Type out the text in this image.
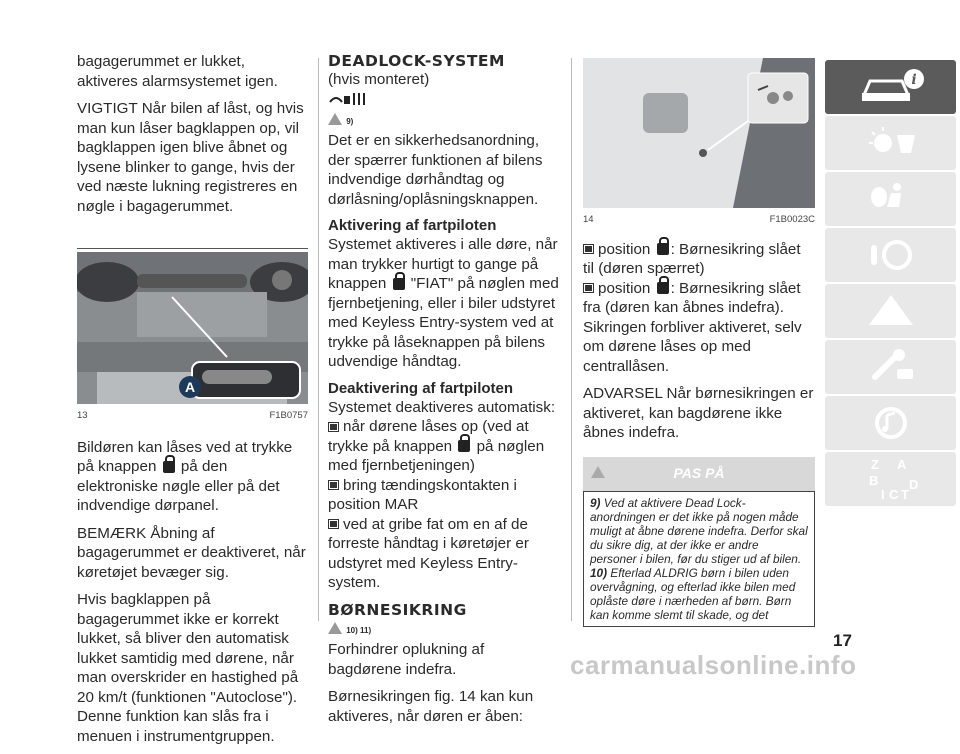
bagagerummet er lukket, aktiveres alarmsystemet igen.

VIGTIGT Når bilen af låst, og hvis man kun låser bagklappen op, vil bagklappen igen blive åbnet og lysene blinker to gange, hvis der ved næste lukning registreres en nøgle i bagagerummet.

A
13	F1B0757

Bildøren kan låses ved at trykke på knappen på den elektroniske nøgle eller på det indvendige dørpanel.

BEMÆRK Åbning af bagagerummet er deaktiveret, når køretøjet bevæger sig.

Hvis bagklappen på bagagerummet ikke er korrekt lukket, så bliver den automatisk lukket samtidig med dørene, når man overskrider en hastighed på 20 km/t (funktionen "Autoclose"). Denne funktion kan slås fra i menuen i instrumentgruppen.

DEADLOCK-SYSTEM
(hvis monteret)
9)

Det er en sikkerhedsanordning, der spærrer funktionen af bilens indvendige dørhåndtag og dørlåsning/oplåsningsknappen.

Aktivering af fartpiloten

Systemet aktiveres i alle døre, når man trykker hurtigt to gange på knappen "FIAT" på nøglen med fjernbetjening, eller i biler udstyret med Keyless Entry-system ved at trykke på låseknappen på bilens udvendige håndtag.

Deaktivering af fartpiloten
Systemet deaktiveres automatisk:
når dørene låses op (ved at trykke på knappen på nøglen med fjernbetjeningen)
bring tændingskontakten i position MAR
ved at gribe fat om en af de forreste håndtag i køretøjer er udstyret med Keyless Entry-system.
BØRNESIKRING
10) 11)

Forhindrer oplukning af bagdørene indefra.

Børnesikringen fig. 14 kan kun aktiveres, når døren er åben:

14	F1B0023C
position : Børnesikring slået til (døren spærret)
position : Børnesikring slået fra (døren kan åbnes indefra). Sikringen forbliver aktiveret, selv om dørene låses op med centrallåsen.

ADVARSEL Når børnesikringen er aktiveret, kan bagdørene ikke åbnes indefra.

PAS PÅ

9) Ved at aktivere Dead Lock-anordningen er det ikke på nogen måde muligt at åbne dørene indefra. Derfor skal du sikre dig, at der ikke er andre personer i bilen, før du stiger ud af bilen.

10) Efterlad ALDRIG børn i bilen uden overvågning, og efterlad ikke bilen med oplåste døre i nærheden af børn. Børn kan komme slemt til skade, og det

i
Z A
B
I C T
D
17
carmanualsonline.info
